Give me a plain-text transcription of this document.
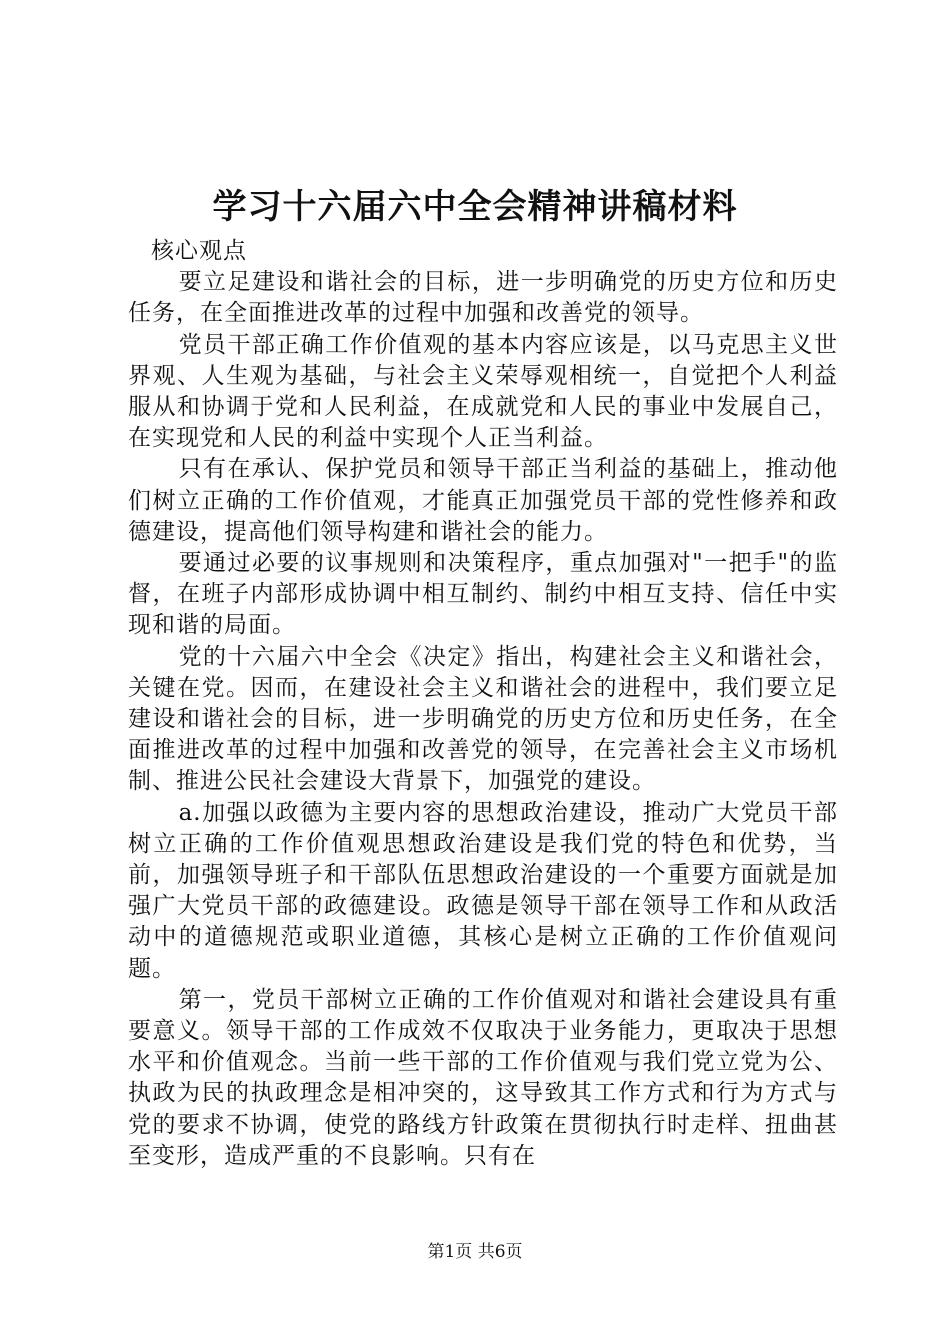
学习十六届六中全会精神讲稿材料

核心观点

要立足建设和谐社会的目标，进一步明确党的历史方位和历史任务，在全面推进改革的过程中加强和改善党的领导。

党员干部正确工作价值观的基本内容应该是，以马克思主义世界观、人生观为基础，与社会主义荣辱观相统一，自觉把个人利益服从和协调于党和人民利益，在成就党和人民的事业中发展自己，在实现党和人民的利益中实现个人正当利益。

只有在承认、保护党员和领导干部正当利益的基础上，推动他们树立正确的工作价值观，才能真正加强党员干部的党性修养和政德建设，提高他们领导构建和谐社会的能力。

要通过必要的议事规则和决策程序，重点加强对"一把手"的监督，在班子内部形成协调中相互制约、制约中相互支持、信任中实现和谐的局面。

党的十六届六中全会《决定》指出，构建社会主义和谐社会，关键在党。因而，在建设社会主义和谐社会的进程中，我们要立足建设和谐社会的目标，进一步明确党的历史方位和历史任务，在全面推进改革的过程中加强和改善党的领导，在完善社会主义市场机制、推进公民社会建设大背景下，加强党的建设。

a.加强以政德为主要内容的思想政治建设，推动广大党员干部树立正确的工作价值观思想政治建设是我们党的特色和优势，当前，加强领导班子和干部队伍思想政治建设的一个重要方面就是加强广大党员干部的政德建设。政德是领导干部在领导工作和从政活动中的道德规范或职业道德，其核心是树立正确的工作价值观问题。

第一，党员干部树立正确的工作价值观对和谐社会建设具有重要意义。领导干部的工作成效不仅取决于业务能力，更取决于思想水平和价值观念。当前一些干部的工作价值观与我们党立党为公、执政为民的执政理念是相冲突的，这导致其工作方式和行为方式与党的要求不协调，使党的路线方针政策在贯彻执行时走样、扭曲甚至变形，造成严重的不良影响。只有在

第1页 共6页
